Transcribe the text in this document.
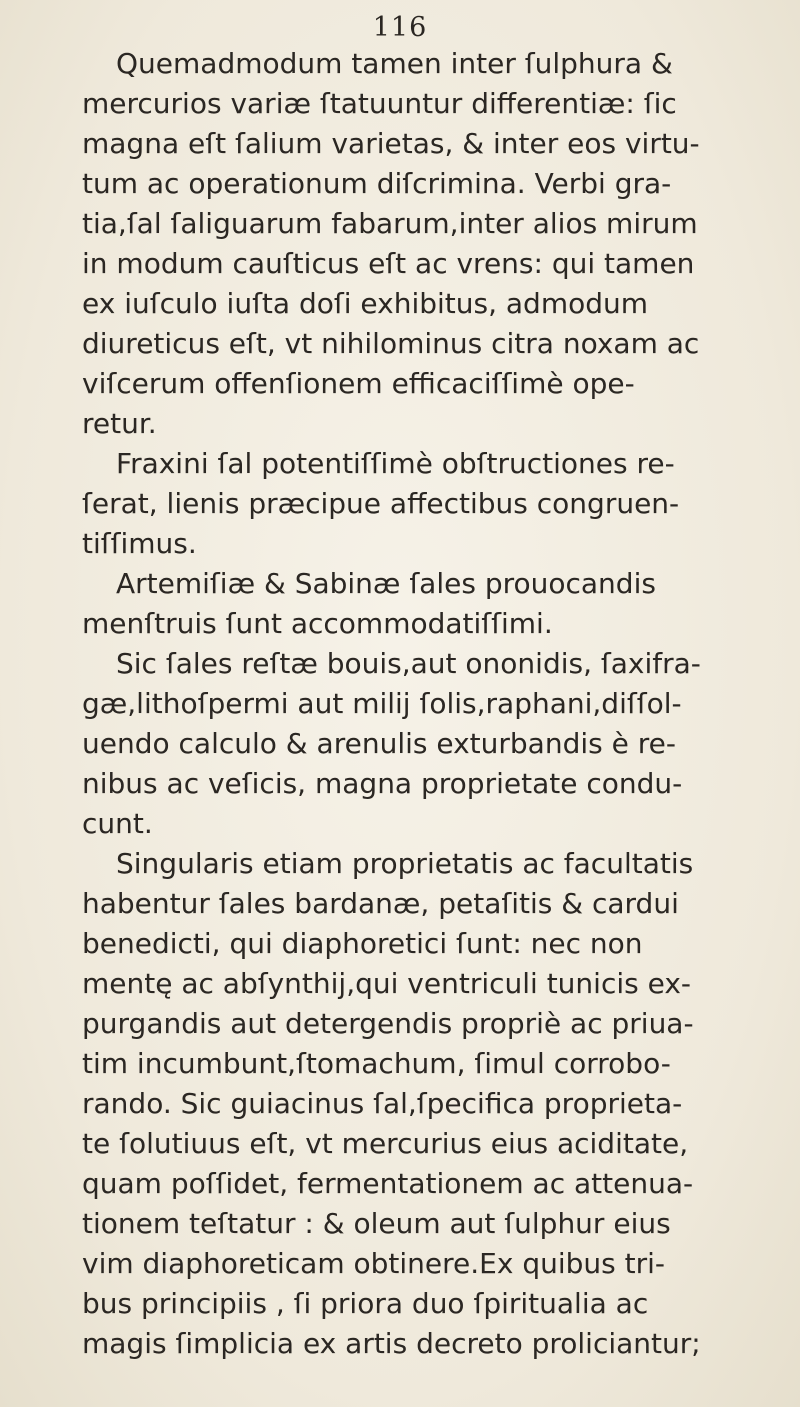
116
Quemadmodum tamen inter ſulphura &
mercurios variæ ſtatuuntur differentiæ: ſic
magna eſt ſalium varietas, & inter eos virtu-
tum ac operationum diſcrimina. Verbi gra-
tia,ſal ſaliguarum fabarum,inter alios mirum
in modum cauſticus eſt ac vrens: qui tamen
ex iuſculo iuſta doſi exhibitus, admodum
diureticus eſt, vt nihilominus citra noxam ac
viſcerum offenſionem efficaciſſimè ope-
retur.
Fraxini ſal potentiſſimè obſtructiones re-
ſerat, lienis præcipue affectibus congruen-
tiſſimus.
Artemiſiæ & Sabinæ ſales prouocandis
menſtruis ſunt accommodatiſſimi.
Sic ſales reſtæ bouis,aut ononidis, ſaxifra-
gæ,lithoſpermi aut milij ſolis,raphani,diſſol-
uendo calculo & arenulis exturbandis è re-
nibus ac veſicis, magna proprietate condu-
cunt.
Singularis etiam proprietatis ac facultatis
habentur ſales bardanæ, petaſitis & cardui
benedicti, qui diaphoretici ſunt: nec non
mentę ac abſynthij,qui ventriculi tunicis ex-
purgandis aut detergendis propriè ac priua-
tim incumbunt,ſtomachum, ſimul corrobo-
rando. Sic guiacinus ſal,ſpecifica proprieta-
te ſolutiuus eſt, vt mercurius eius aciditate,
quam poſſidet, fermentationem ac attenua-
tionem teſtatur : & oleum aut ſulphur eius
vim diaphoreticam obtinere.Ex quibus tri-
bus principiis , ſi priora duo ſpiritualia ac
magis ſimplicia ex artis decreto proliciantur;
